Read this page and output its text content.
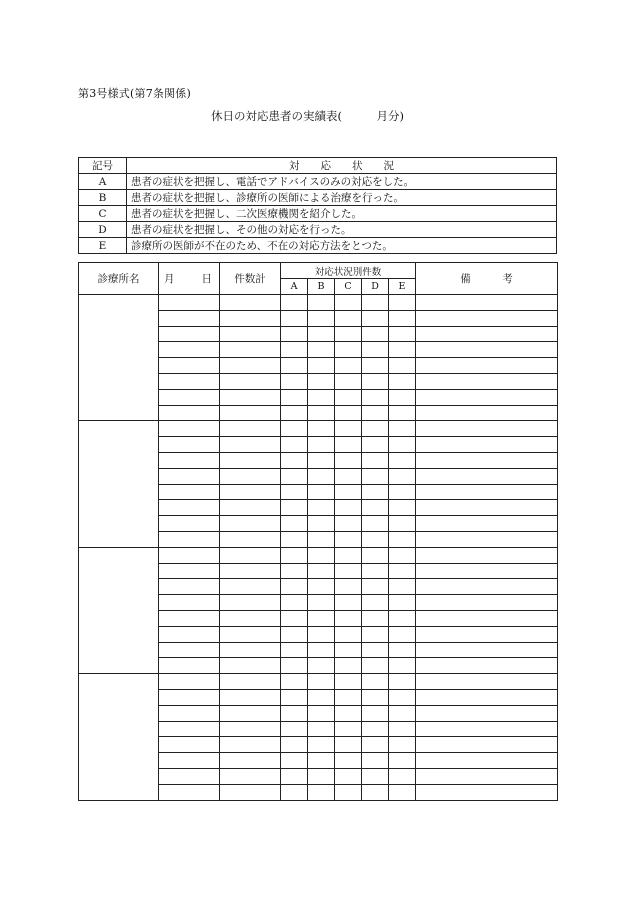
第3号様式(第7条関係)
休日の対応患者の実績表(　　　月分)
記号	対　　応　　状　　況
A	患者の症状を把握し、電話でアドバイスのみの対応をした。
B	患者の症状を把握し、診療所の医師による治療を行った。
C	患者の症状を把握し、二次医療機関を紹介した。
D	患者の症状を把握し、その他の対応を行った。
E	診療所の医師が不在のため、不在の対応方法をとつた。
診療所名	月　　日	件数計	対応状況別件数					備　　　考
			A	B	C	D	E	
